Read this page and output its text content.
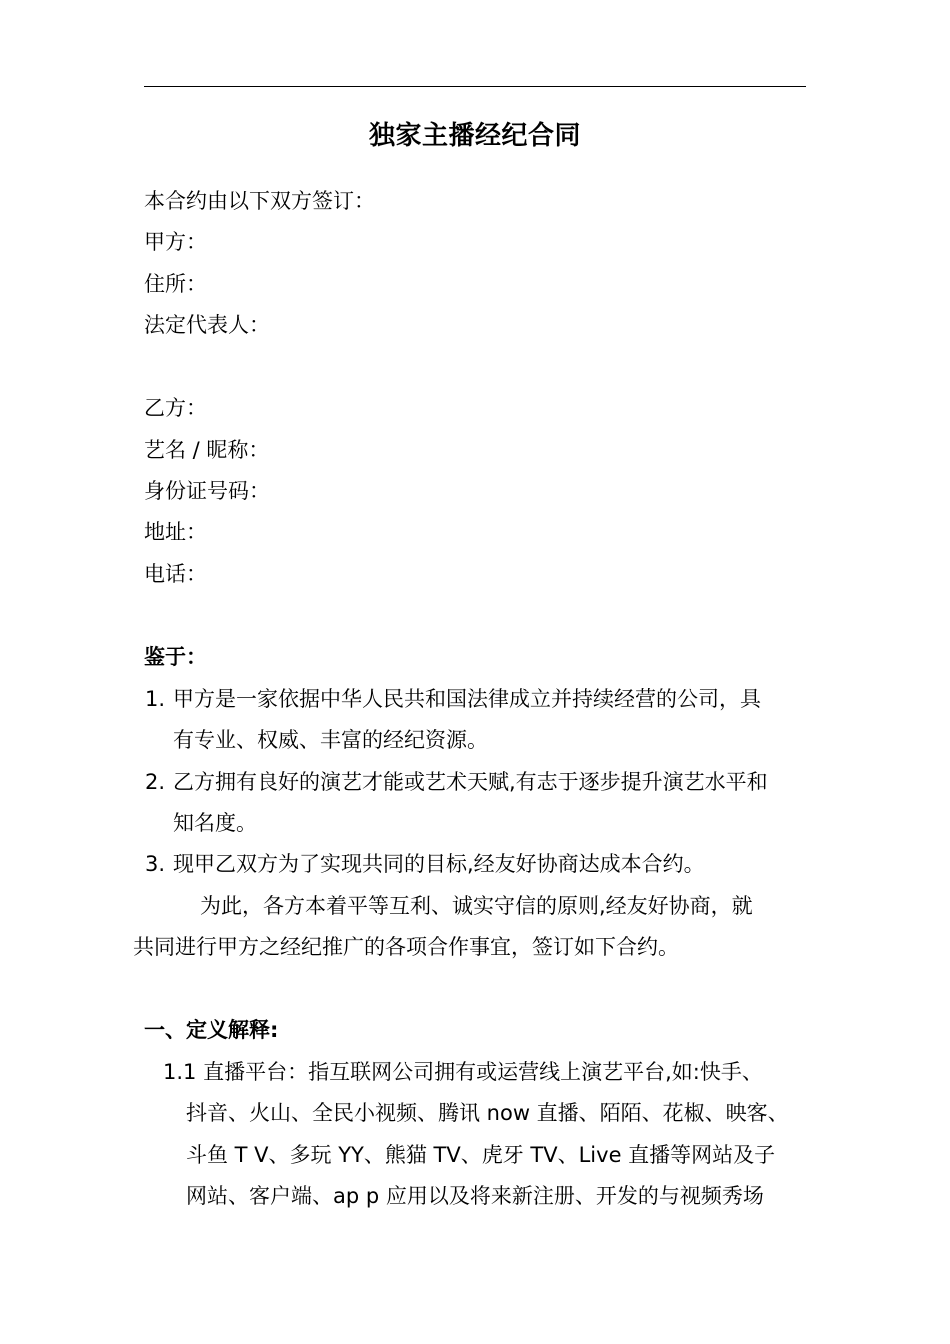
独家主播经纪合同
本合约由以下双方签订：
甲方：
住所：
法定代表人：
乙方：
艺名 / 昵称：
身份证号码：
地址：
电话：
鉴于：
1. 甲方是一家依据中华人民共和国法律成立并持续经营的公司，具
有专业、权威、丰富的经纪资源。
2. 乙方拥有良好的演艺才能或艺术天赋,有志于逐步提升演艺水平和
知名度。
3. 现甲乙双方为了实现共同的目标,经友好协商达成本合约。
为此，各方本着平等互利、诚实守信的原则,经友好协商，就
共同进行甲方之经纪推广的各项合作事宜，签订如下合约。
一、定义解释:
1.1 直播平台：指互联网公司拥有或运营线上演艺平台,如:快手、
抖音、火山、全民小视频、腾讯 now 直播、陌陌、花椒、映客、
斗鱼 T V、多玩 YY、熊猫 TV、虎牙 TV、Live 直播等网站及子
网站、客户端、ap p 应用以及将来新注册、开发的与视频秀场
